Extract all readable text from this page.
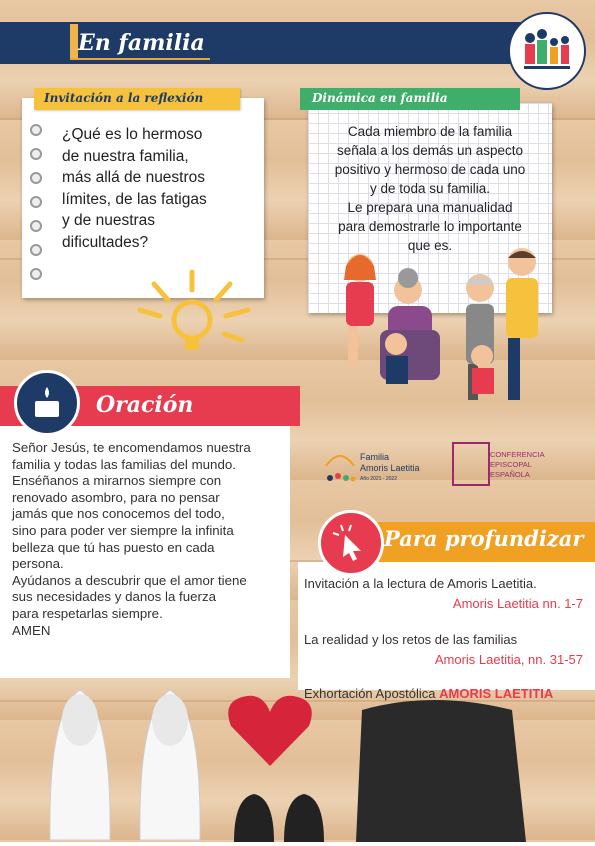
En familia
Invitación a la reflexión
¿Qué es lo hermoso
de nuestra familia,
más allá de nuestros
límites, de las fatigas
y de nuestras
dificultades?
Dinámica en familia
Cada miembro de la familia
señala a los demás un aspecto
positivo y hermoso de cada uno
y de toda su familia.
Le prepara una manualidad
para demostrarle lo importante
que es.
Oración
Señor Jesús, te encomendamos nuestra
familia y todas las familias del mundo.
Enséñanos a mirarnos siempre con
renovado asombro, para no pensar
jamás que nos conocemos del todo,
sino para poder ver siempre la infinita
belleza que tú has puesto en cada
persona.
Ayúdanos a descubrir que el amor tiene
sus necesidades y danos la fuerza
para respetarlas siempre.
AMEN
Familia
Amoris Laetitia
Año 2021 - 2022
CONFERENCIA
EPISCOPAL
ESPAÑOLA
Para profundizar
Invitación a la lectura de Amoris Laetitia.
Amoris Laetitia nn. 1-7
La realidad y los retos de las familias
Amoris Laetitia, nn. 31-57
Exhortación Apostólica AMORIS LAETITIA
